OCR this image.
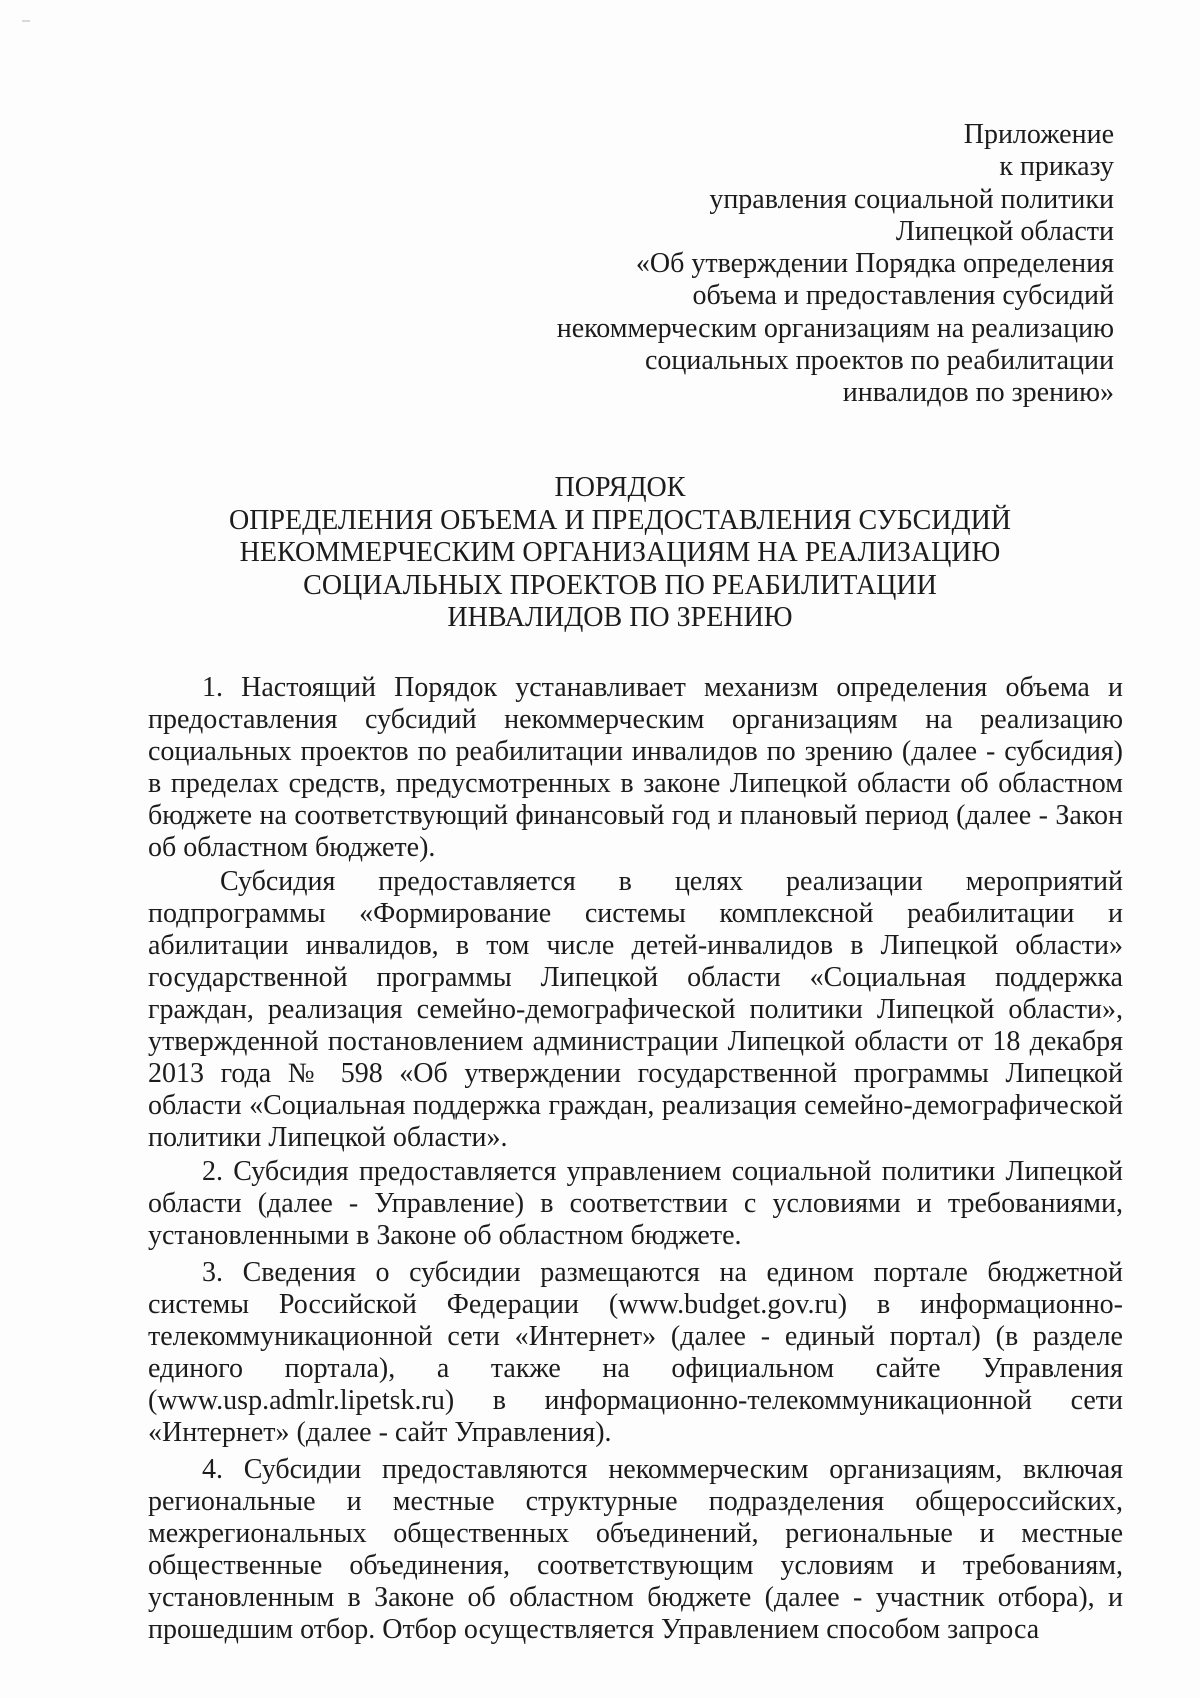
Приложение
к приказу
управления социальной политики
Липецкой области
«Об утверждении Порядка определения
объема и предоставления субсидий
некоммерческим организациям на реализацию
социальных проектов по реабилитации
инвалидов по зрению»
ПОРЯДОК
ОПРЕДЕЛЕНИЯ ОБЪЕМА И ПРЕДОСТАВЛЕНИЯ СУБСИДИЙ
НЕКОММЕРЧЕСКИМ ОРГАНИЗАЦИЯМ НА РЕАЛИЗАЦИЮ
СОЦИАЛЬНЫХ ПРОЕКТОВ ПО РЕАБИЛИТАЦИИ
ИНВАЛИДОВ ПО ЗРЕНИЮ

1. Настоящий Порядок устанавливает механизм определения объема и предоставления субсидий некоммерческим организациям на реализацию социальных проектов по реабилитации инвалидов по зрению (далее - субсидия) в пределах средств, предусмотренных в законе Липецкой области об областном бюджете на соответствующий финансовый год и плановый период (далее - Закон об областном бюджете).

Субсидия предоставляется в целях реализации мероприятий подпрограммы «Формирование системы комплексной реабилитации и абилитации инвалидов, в том числе детей-инвалидов в Липецкой области» государственной программы Липецкой области «Социальная поддержка граждан, реализация семейно-демографической политики Липецкой области», утвержденной постановлением администрации Липецкой области от 18 декабря 2013 года № 598 «Об утверждении государственной программы Липецкой области «Социальная поддержка граждан, реализация семейно-демографической политики Липецкой области».

2. Субсидия предоставляется управлением социальной политики Липецкой области (далее - Управление) в соответствии с условиями и требованиями, установленными в Законе об областном бюджете.

3. Сведения о субсидии размещаются на едином портале бюджетной системы Российской Федерации (www.budget.gov.ru) в информационно-телекоммуникационной сети «Интернет» (далее - единый портал) (в разделе единого портала), а также на официальном сайте Управления (www.usp.admlr.lipetsk.ru) в информационно-телекоммуникационной сети «Интернет» (далее - сайт Управления).

4. Субсидии предоставляются некоммерческим организациям, включая региональные и местные структурные подразделения общероссийских, межрегиональных общественных объединений, региональные и местные общественные объединения, соответствующим условиям и требованиям, установленным в Законе об областном бюджете (далее - участник отбора), и прошедшим отбор. Отбор осуществляется Управлением способом запроса
